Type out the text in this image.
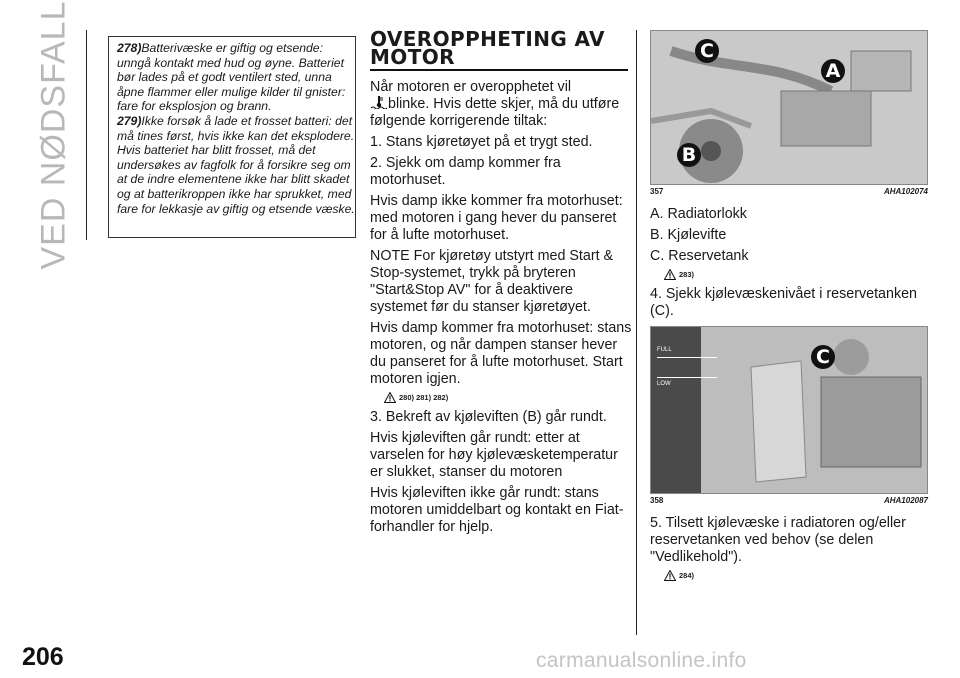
VED NØDSFALL
206

278)Batterivæske er giftig og etsende: unngå kontakt med hud og øyne. Batteriet bør lades på et godt ventilert sted, unna åpne flammer eller mulige kilder til gnister: fare for eksplosjon og brann.

279)Ikke forsøk å lade et frosset batteri: det må tines først, hvis ikke kan det eksplodere. Hvis batteriet har blitt frosset, må det undersøkes av fagfolk for å forsikre seg om at de indre elementene ikke har blitt skadet og at batterikroppen ikke har sprukket, med fare for lekkasje av giftig og etsende væske.

OVEROPPHETING AV
MOTOR

Når motoren er overopphetet vil
blinke. Hvis dette skjer, må du utføre følgende korrigerende tiltak:

1. Stans kjøretøyet på et trygt sted.

2. Sjekk om damp kommer fra motorhuset.

Hvis damp ikke kommer fra motorhuset: med motoren i gang hever du panseret for å lufte motorhuset.

NOTE For kjøretøy utstyrt med Start & Stop-systemet, trykk på bryteren "Start&Stop AV" for å deaktivere systemet før du stanser kjøretøyet.

Hvis damp kommer fra motorhuset: stans motoren, og når dampen stanser hever du panseret for å lufte motorhuset. Start motoren igjen.

280) 281) 282)

3. Bekreft av kjøleviften (B) går rundt.

Hvis kjøleviften går rundt: etter at varselen for høy kjølevæsketemperatur er slukket, stanser du motoren

Hvis kjøleviften ikke går rundt: stans motoren umiddelbart og kontakt en Fiat-forhandler for hjelp.

C
A
B
357	AHA102074

A. Radiatorlokk

B. Kjølevifte

C. Reservetank

283)

4. Sjekk kjølevæskenivået i reservetanken (C).

FULL
LOW
C
358	AHA102087

5. Tilsett kjølevæske i radiatoren og/eller reservetanken ved behov (se delen "Vedlikehold").

284)
carmanualsonline.info
